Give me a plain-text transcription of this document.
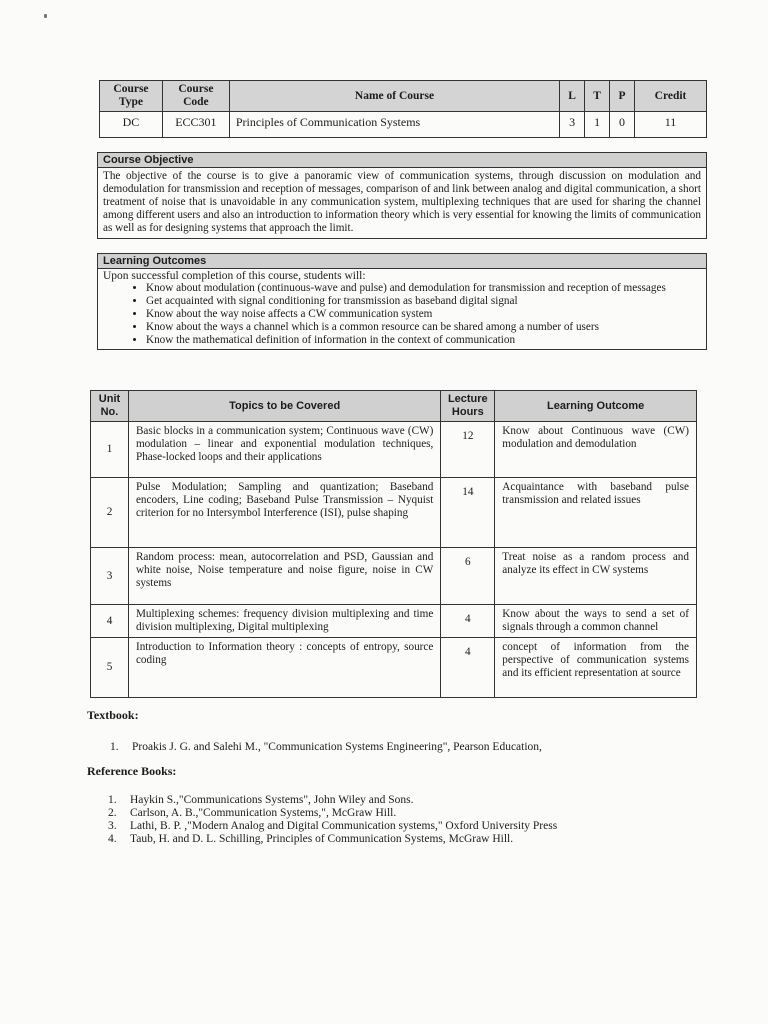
Course Type	Course Code	Name of Course	L	T	P	Credit
DC	ECC301	Principles of Communication Systems	3	1	0	11
Course Objective
The objective of the course is to give a panoramic view of communication systems, through discussion on modulation and demodulation for transmission and reception of messages, comparison of and link between analog and digital communication, a short treatment of noise that is unavoidable in any communication system, multiplexing techniques that are used for sharing the channel among different users and also an introduction to information theory which is very essential for knowing the limits of communication as well as for designing systems that approach the limit.
Learning Outcomes
Upon successful completion of this course, students will:
• Know about modulation (continuous-wave and pulse) and demodulation for transmission and reception of messages
• Get acquainted with signal conditioning for transmission as baseband digital signal
• Know about the way noise affects a CW communication system
• Know about the ways a channel which is a common resource can be shared among a number of users
• Know the mathematical definition of information in the context of communication
Unit No.	Topics to be Covered	Lecture Hours	Learning Outcome
1	Basic blocks in a communication system; Continuous wave (CW) modulation – linear and exponential modulation techniques, Phase-locked loops and their applications	12	Know about Continuous wave (CW) modulation and demodulation
2	Pulse Modulation; Sampling and quantization; Baseband encoders, Line coding; Baseband Pulse Transmission – Nyquist criterion for no Intersymbol Interference (ISI), pulse shaping	14	Acquaintance with baseband pulse transmission and related issues
3	Random process: mean, autocorrelation and PSD, Gaussian and white noise, Noise temperature and noise figure, noise in CW systems	6	Treat noise as a random process and analyze its effect in CW systems
4	Multiplexing schemes: frequency division multiplexing and time division multiplexing, Digital multiplexing	4	Know about the ways to send a set of signals through a common channel
5	Introduction to Information theory : concepts of entropy, source coding	4	concept of information from the perspective of communication systems and its efficient representation at source
Textbook:
1.	Proakis J. G. and Salehi M., "Communication Systems Engineering", Pearson Education,
Reference Books:
1.	Haykin S.,"Communications Systems", John Wiley and Sons.
2.	Carlson, A. B.,"Communication Systems,", McGraw Hill.
3.	Lathi, B. P. ,"Modern Analog and Digital Communication systems," Oxford University Press
4.	Taub, H. and D. L. Schilling, Principles of Communication Systems, McGraw Hill.
